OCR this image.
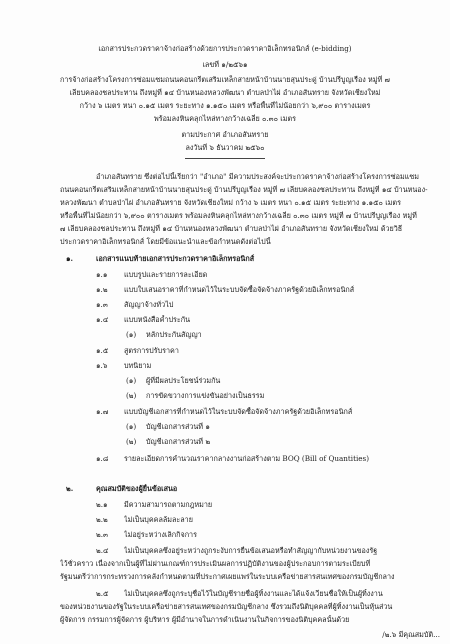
เอกสารประกวดราคาจ้างก่อสร้างด้วยการประกวดราคาอิเล็กทรอนิกส์ (e-bidding)
เลขที่ ๑/๒๕๖๑
การจ้างก่อสร้างโครงการซ่อมแซมถนนคอนกรีตเสริมเหล็กสายหน้าบ้านนายสุนประดู่ บ้านปรีบูญเรือง หมู่ที่ ๗
เลียบคลองชลประทาน ถึงหมู่ที่ ๑๔ บ้านหนองหลวงพัฒนา ตำบลป่าไผ่ อำเภอสันทราย จังหวัดเชียงใหม่
กว้าง ๖ เมตร หนา ๐.๑๕ เมตร ระยะทาง ๑.๑๕๐ เมตร หรือพื้นที่ไม่น้อยกว่า ๖,๙๐๐ ตารางเมตร
พร้อมลงหินคลุกไหล่ทางกว้างเฉลี่ย ๐.๓๐ เมตร
ตามประกาศ อำเภอสันทราย
ลงวันที่ ๖ ธันวาคม ๒๕๖๐
อำเภอสันทราย ซึ่งต่อไปนี้เรียกว่า "อำเภอ" มีความประสงค์จะประกวดราคาจ้างก่อสร้างโครงการซ่อมแซม
ถนนคอนกรีตเสริมเหล็กสายหน้าบ้านนายสุนประดู่ บ้านปรีบูญเรือง หมู่ที่ ๗ เลียบคลองชลประทาน ถึงหมู่ที่ ๑๔ บ้านหนอง-
หลวงพัฒนา ตำบลป่าไผ่ อำเภอสันทราย จังหวัดเชียงใหม่ กว้าง ๖ เมตร หนา ๐.๑๕ เมตร ระยะทาง ๑.๑๕๐ เมตร
หรือพื้นที่ไม่น้อยกว่า ๖,๙๐๐ ตารางเมตร พร้อมลงหินคลุกไหล่ทางกว้างเฉลี่ย ๐.๓๐ เมตร หมู่ที่ ๗ บ้านปรีบูญเรือง หมู่ที่
๗ เลียบคลองชลประทาน ถึงหมู่ที่ ๑๔ บ้านหนองหลวงพัฒนา ตำบลป่าไผ่ อำเภอสันทราย จังหวัดเชียงใหม่ ด้วยวิธี
ประกวดราคาอิเล็กทรอนิกส์ โดยมีข้อแนะนำและข้อกำหนดดังต่อไปนี้
๑.	เอกสารแนบท้ายเอกสารประกวดราคาอิเล็กทรอนิกส์
๑.๑ แบบรูปและรายการละเอียด
๑.๒ แบบใบเสนอราคาที่กำหนดไว้ในระบบจัดซื้อจัดจ้างภาครัฐด้วยอิเล็กทรอนิกส์
๑.๓ สัญญาจ้างทั่วไป
๑.๔ แบบหนังสือค้ำประกัน
(๑) หลักประกันสัญญา
๑.๕ สูตรการปรับราคา
๑.๖ บทนิยาม
(๑) ผู้ที่มีผลประโยชน์ร่วมกัน
(๒) การขัดขวางการแข่งขันอย่างเป็นธรรม
๑.๗ แบบบัญชีเอกสารที่กำหนดไว้ในระบบจัดซื้อจัดจ้างภาครัฐด้วยอิเล็กทรอนิกส์
(๑) บัญชีเอกสารส่วนที่ ๑
(๒) บัญชีเอกสารส่วนที่ ๒
๑.๘ รายละเอียดการคำนวณราคากลางงานก่อสร้างตาม BOQ (Bill of Quantities)
๒.	คุณสมบัติของผู้ยื่นข้อเสนอ
๒.๑ มีความสามารถตามกฎหมาย
๒.๒ ไม่เป็นบุคคลล้มละลาย
๒.๓ ไม่อยู่ระหว่างเลิกกิจการ
๒.๔ ไม่เป็นบุคคลซึ่งอยู่ระหว่างถูกระงับการยื่นข้อเสนอหรือทำสัญญากับหน่วยงานของรัฐ
ไว้ชั่วคราว เนื่องจากเป็นผู้ที่ไม่ผ่านเกณฑ์การประเมินผลการปฏิบัติงานของผู้ประกอบการตามระเบียบที่
รัฐมนตรีว่าการกระทรวงการคลังกำหนดตามที่ประกาศเผยแพร่ในระบบเครือข่ายสารสนเทศของกรมบัญชีกลาง
๒.๕ ไม่เป็นบุคคลซึ่งถูกระบุชื่อไว้ในบัญชีรายชื่อผู้ทิ้งงานและได้แจ้งเวียนชื่อให้เป็นผู้ทิ้งงาน
ของหน่วยงานของรัฐในระบบเครือข่ายสารสนเทศของกรมบัญชีกลาง ซึ่งรวมถึงนิติบุคคลที่ผู้ทิ้งงานเป็นหุ้นส่วน
ผู้จัดการ กรรมการผู้จัดการ ผู้บริหาร ผู้มีอำนาจในการดำเนินงานในกิจการของนิติบุคคลนั้นด้วย
/๒.๖ มีคุณสมบัติ...
